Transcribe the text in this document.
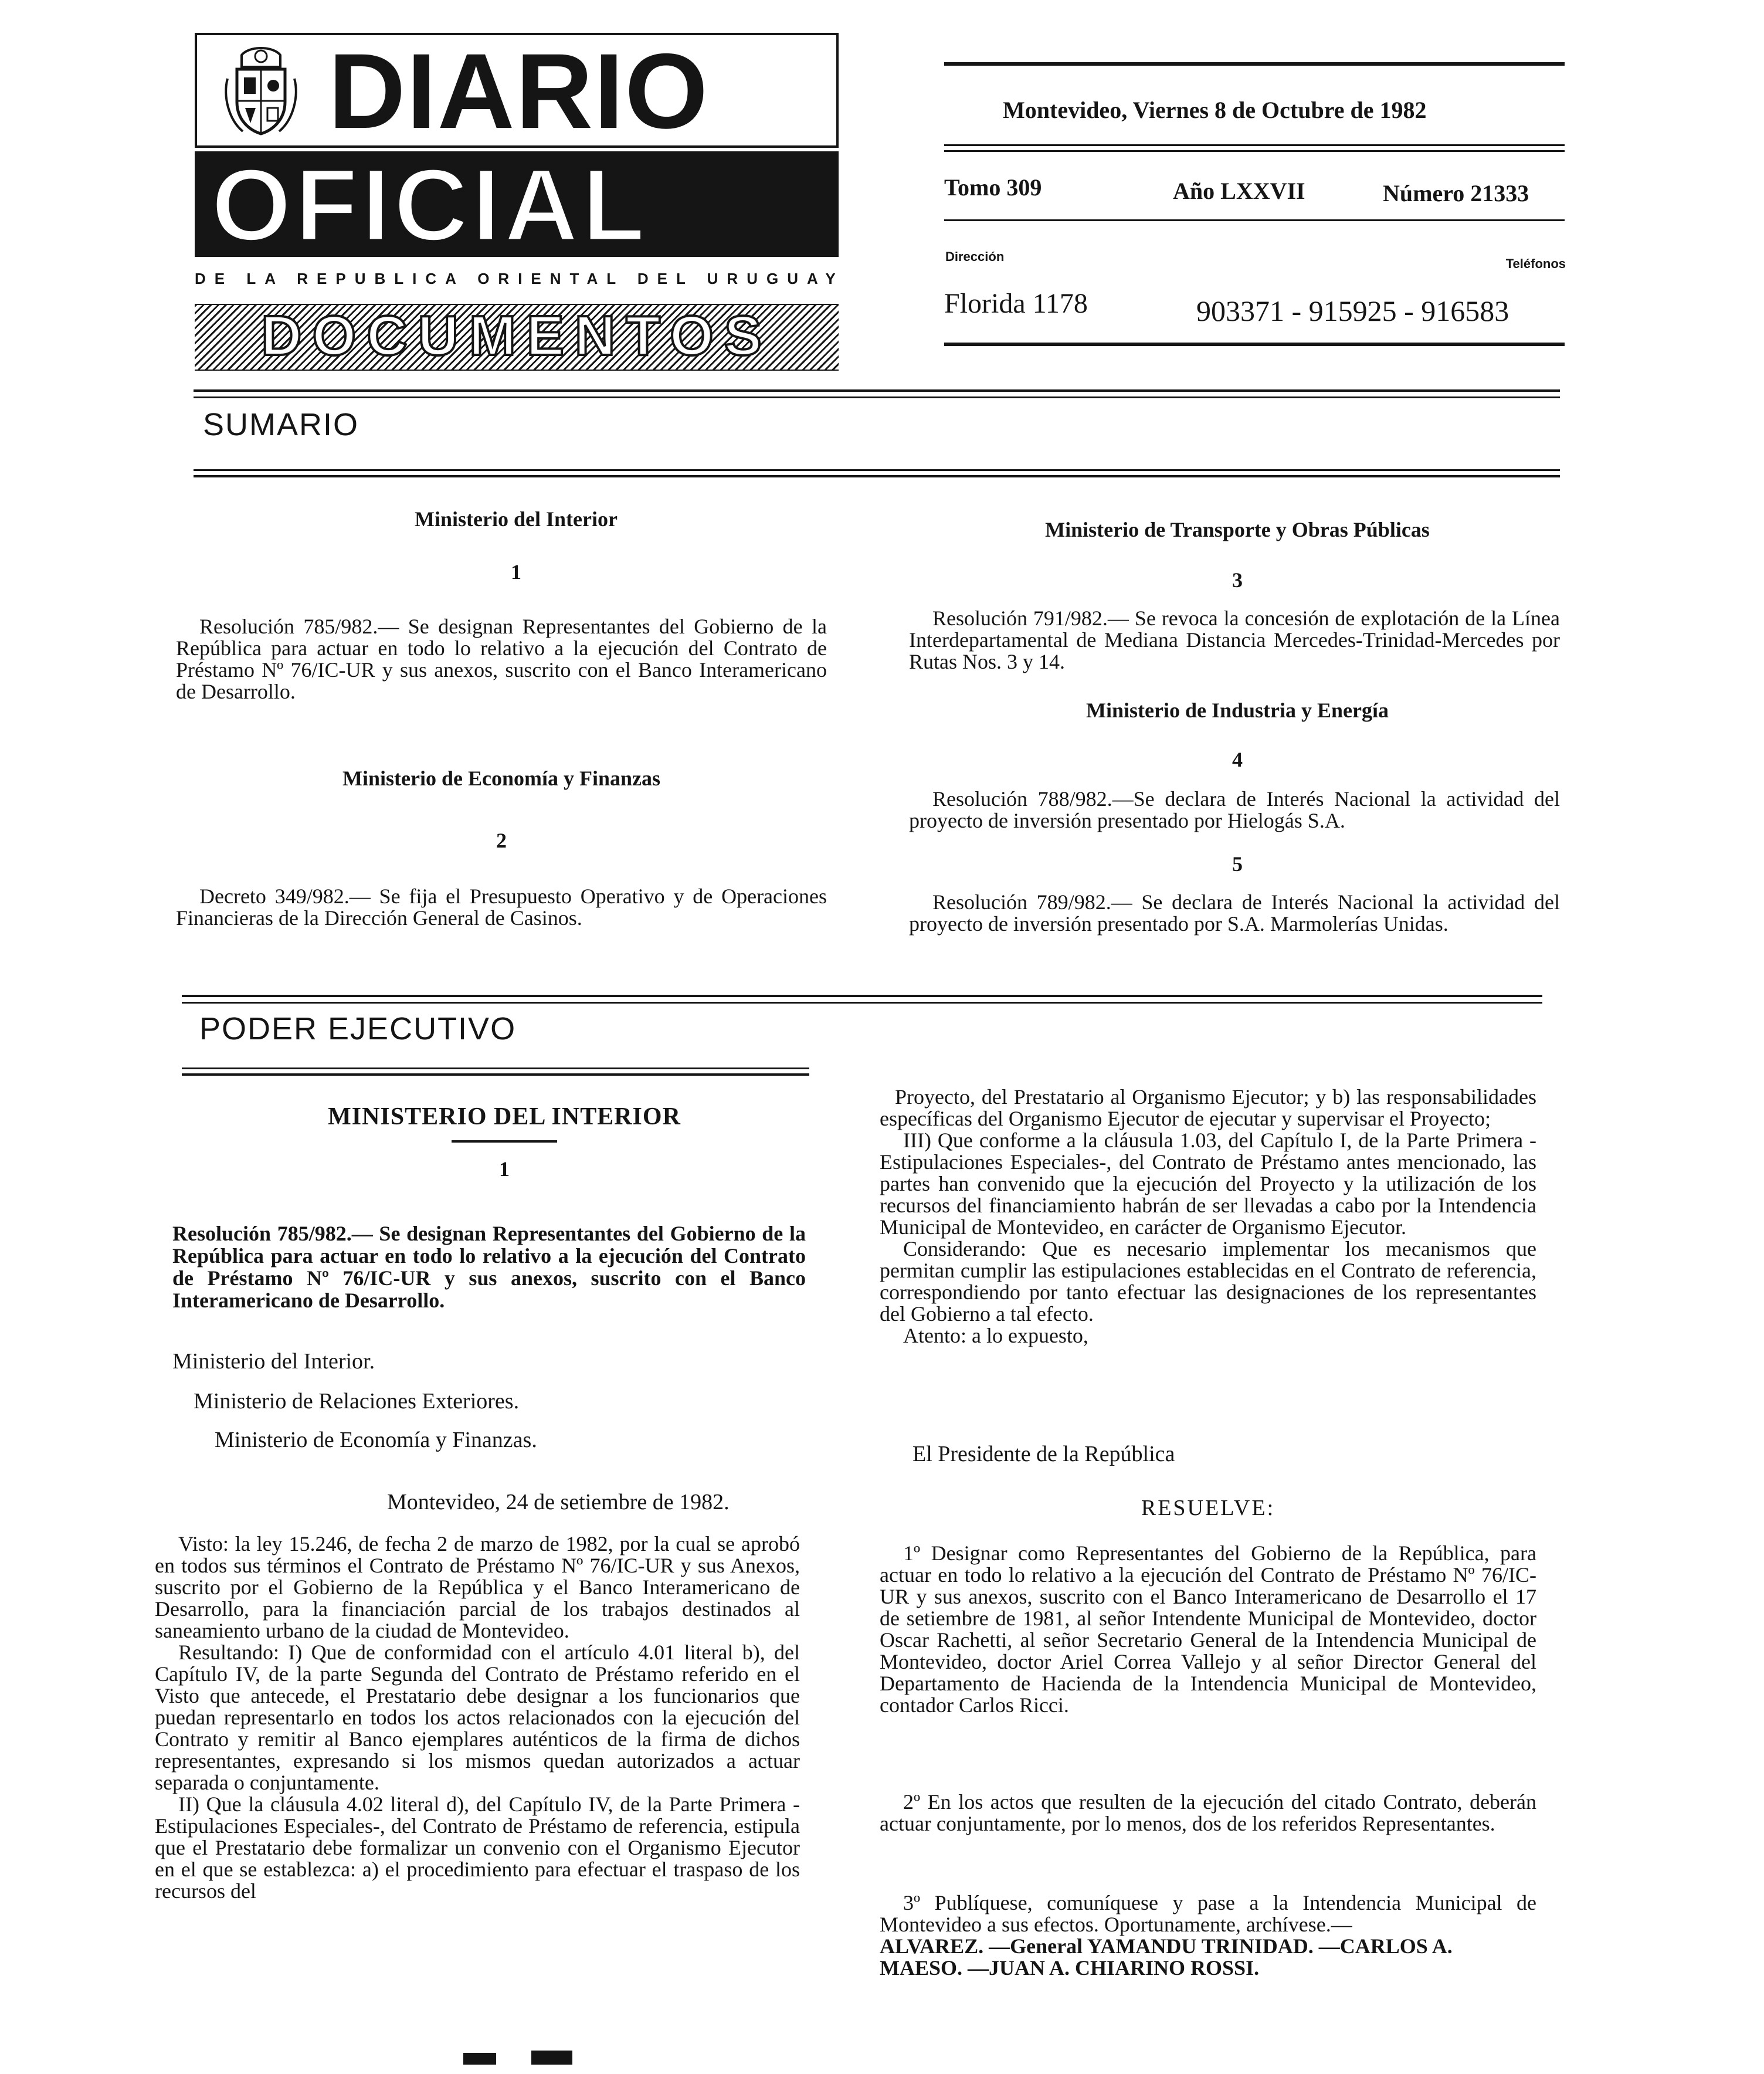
DIARIO
OFICIAL
DE LA REPUBLICA ORIENTAL DEL URUGUAY
DOCUMENTOS
Montevideo, Viernes 8 de Octubre de 1982
Tomo 309	Año LXXVII	Número 21333
Dirección	Teléfonos
Florida 1178	903371 - 915925 - 916583
SUMARIO
Ministerio del Interior
1
Resolución 785/982.— Se designan Representantes del Gobierno de la República para actuar en todo lo relativo a la ejecución del Contrato de Préstamo Nº 76/IC-UR y sus anexos, suscrito con el Banco Interamericano de Desarrollo.
Ministerio de Economía y Finanzas
2
Decreto 349/982.— Se fija el Presupuesto Operativo y de Operaciones Financieras de la Dirección General de Casinos.
Ministerio de Transporte y Obras Públicas
3
Resolución 791/982.— Se revoca la concesión de explotación de la Línea Interdepartamental de Mediana Distancia Mercedes-Trinidad-Mercedes por Rutas Nos. 3 y 14.
Ministerio de Industria y Energía
4
Resolución 788/982.—Se declara de Interés Nacional la actividad del proyecto de inversión presentado por Hielogás S.A.
5
Resolución 789/982.— Se declara de Interés Nacional la actividad del proyecto de inversión presentado por S.A. Marmolerías Unidas.
PODER EJECUTIVO
MINISTERIO DEL INTERIOR
1
Resolución 785/982.— Se designan Representantes del Gobierno de la República para actuar en todo lo relativo a la ejecución del Contrato de Préstamo Nº 76/IC-UR y sus anexos, suscrito con el Banco Interamericano de Desarrollo.
Ministerio del Interior.
Ministerio de Relaciones Exteriores.
Ministerio de Economía y Finanzas.
Montevideo, 24 de setiembre de 1982.

Visto: la ley 15.246, de fecha 2 de marzo de 1982, por la cual se aprobó en todos sus términos el Contrato de Préstamo Nº 76/IC-UR y sus Anexos, suscrito por el Gobierno de la República y el Banco Interamericano de Desarrollo, para la financiación parcial de los trabajos destinados al saneamiento urbano de la ciudad de Montevideo.

Resultando: I) Que de conformidad con el artículo 4.01 literal b), del Capítulo IV, de la parte Segunda del Contrato de Préstamo referido en el Visto que antecede, el Prestatario debe designar a los funcionarios que puedan representarlo en todos los actos relacionados con la ejecución del Contrato y remitir al Banco ejemplares auténticos de la firma de dichos representantes, expresando si los mismos quedan autorizados a actuar separada o conjuntamente.

II) Que la cláusula 4.02 literal d), del Capítulo IV, de la Parte Primera -Estipulaciones Especiales-, del Contrato de Préstamo de referencia, estipula que el Prestatario debe formalizar un convenio con el Organismo Ejecutor en el que se establezca: a) el procedimiento para efectuar el traspaso de los recursos del

Proyecto, del Prestatario al Organismo Ejecutor; y b) las responsabilidades específicas del Organismo Ejecutor de ejecutar y supervisar el Proyecto;

III) Que conforme a la cláusula 1.03, del Capítulo I, de la Parte Primera -Estipulaciones Especiales-, del Contrato de Préstamo antes mencionado, las partes han convenido que la ejecución del Proyecto y la utilización de los recursos del financiamiento habrán de ser llevadas a cabo por la Intendencia Municipal de Montevideo, en carácter de Organismo Ejecutor.

Considerando: Que es necesario implementar los mecanismos que permitan cumplir las estipulaciones establecidas en el Contrato de referencia, correspondiendo por tanto efectuar las designaciones de los representantes del Gobierno a tal efecto.

Atento: a lo expuesto,

El Presidente de la República
RESUELVE:
1º Designar como Representantes del Gobierno de la República, para actuar en todo lo relativo a la ejecución del Contrato de Préstamo Nº 76/IC-UR y sus anexos, suscrito con el Banco Interamericano de Desarrollo el 17 de setiembre de 1981, al señor Intendente Municipal de Montevideo, doctor Oscar Rachetti, al señor Secretario General de la Intendencia Municipal de Montevideo, doctor Ariel Correa Vallejo y al señor Director General del Departamento de Hacienda de la Intendencia Municipal de Montevideo, contador Carlos Ricci.
2º En los actos que resulten de la ejecución del citado Contrato, deberán actuar conjuntamente, por lo menos, dos de los referidos Representantes.
3º Publíquese, comuníquese y pase a la Intendencia Municipal de Montevideo a sus efectos. Oportunamente, archívese.—
ALVAREZ. —General YAMANDU TRINIDAD. —CARLOS A. MAESO. —JUAN A. CHIARINO ROSSI.
